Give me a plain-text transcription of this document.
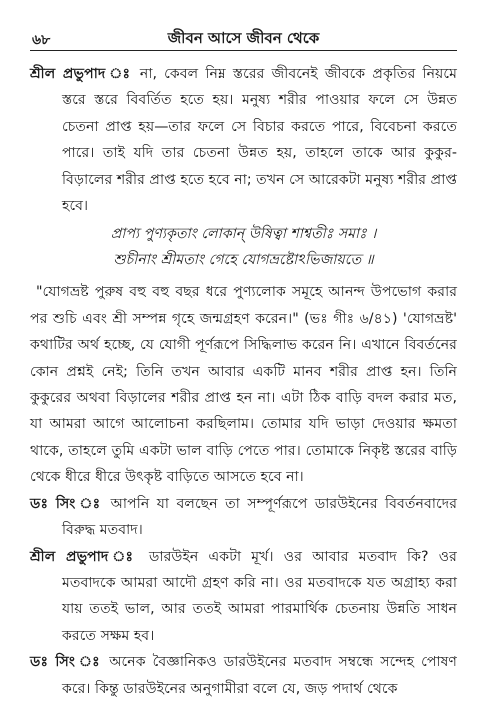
৬৮	জীবন আসে জীবন থেকে

শ্রীল প্রভুপাদ ঃ না, কেবল নিম্ন স্তরের জীবনেই জীবকে প্রকৃতির নিয়মে স্তরে স্তরে বিবর্তিত হতে হয়। মনুষ্য শরীর পাওয়ার ফলে সে উন্নত চেতনা প্রাপ্ত হয়—তার ফলে সে বিচার করতে পারে, বিবেচনা করতে পারে। তাই যদি তার চেতনা উন্নত হয়, তাহলে তাকে আর কুকুর-বিড়ালের শরীর প্রাপ্ত হতে হবে না; তখন সে আরেকটা মনুষ্য শরীর প্রাপ্ত হবে।

প্রাপ্য পুণ্যকৃতাং লোকান্ উষিত্বা শাশ্বতীঃ সমাঃ ।

শুচীনাং শ্রীমতাং গেহে যোগভ্রষ্টোঽভিজায়তে ॥

"যোগভ্রষ্ট পুরুষ বহু বহু বছর ধরে পুণ্যলোক সমূহে আনন্দ উপভোগ করার পর শুচি এবং শ্রী সম্পন্ন গৃহে জন্মগ্রহণ করেন।" (ভঃ গীঃ ৬/৪১) 'যোগভ্রষ্ট' কথাটির অর্থ হচ্ছে, যে যোগী পূর্ণরূপে সিদ্ধিলাভ করেন নি। এখানে বিবর্তনের কোন প্রশ্নই নেই; তিনি তখন আবার একটি মানব শরীর প্রাপ্ত হন। তিনি কুকুরের অথবা বিড়ালের শরীর প্রাপ্ত হন না। এটা ঠিক বাড়ি বদল করার মত, যা আমরা আগে আলোচনা করছিলাম। তোমার যদি ভাড়া দেওয়ার ক্ষমতা থাকে, তাহলে তুমি একটা ভাল বাড়ি পেতে পার। তোমাকে নিকৃষ্ট স্তরের বাড়ি থেকে ধীরে ধীরে উৎকৃষ্ট বাড়িতে আসতে হবে না।

ডঃ সিং ঃ আপনি যা বলছেন তা সম্পূর্ণরূপে ডারউইনের বিবর্তনবাদের বিরুদ্ধ মতবাদ।

শ্রীল প্রভুপাদ ঃ ডারউইন একটা মূর্খ। ওর আবার মতবাদ কি? ওর মতবাদকে আমরা আদৌ গ্রহণ করি না। ওর মতবাদকে যত অগ্রাহ্য করা যায় ততই ভাল, আর ততই আমরা পারমার্থিক চেতনায় উন্নতি সাধন করতে সক্ষম হব।

ডঃ সিং ঃ অনেক বৈজ্ঞানিকও ডারউইনের মতবাদ সম্বন্ধে সন্দেহ পোষণ করে। কিন্তু ডারউইনের অনুগামীরা বলে যে, জড় পদার্থ থেকে
